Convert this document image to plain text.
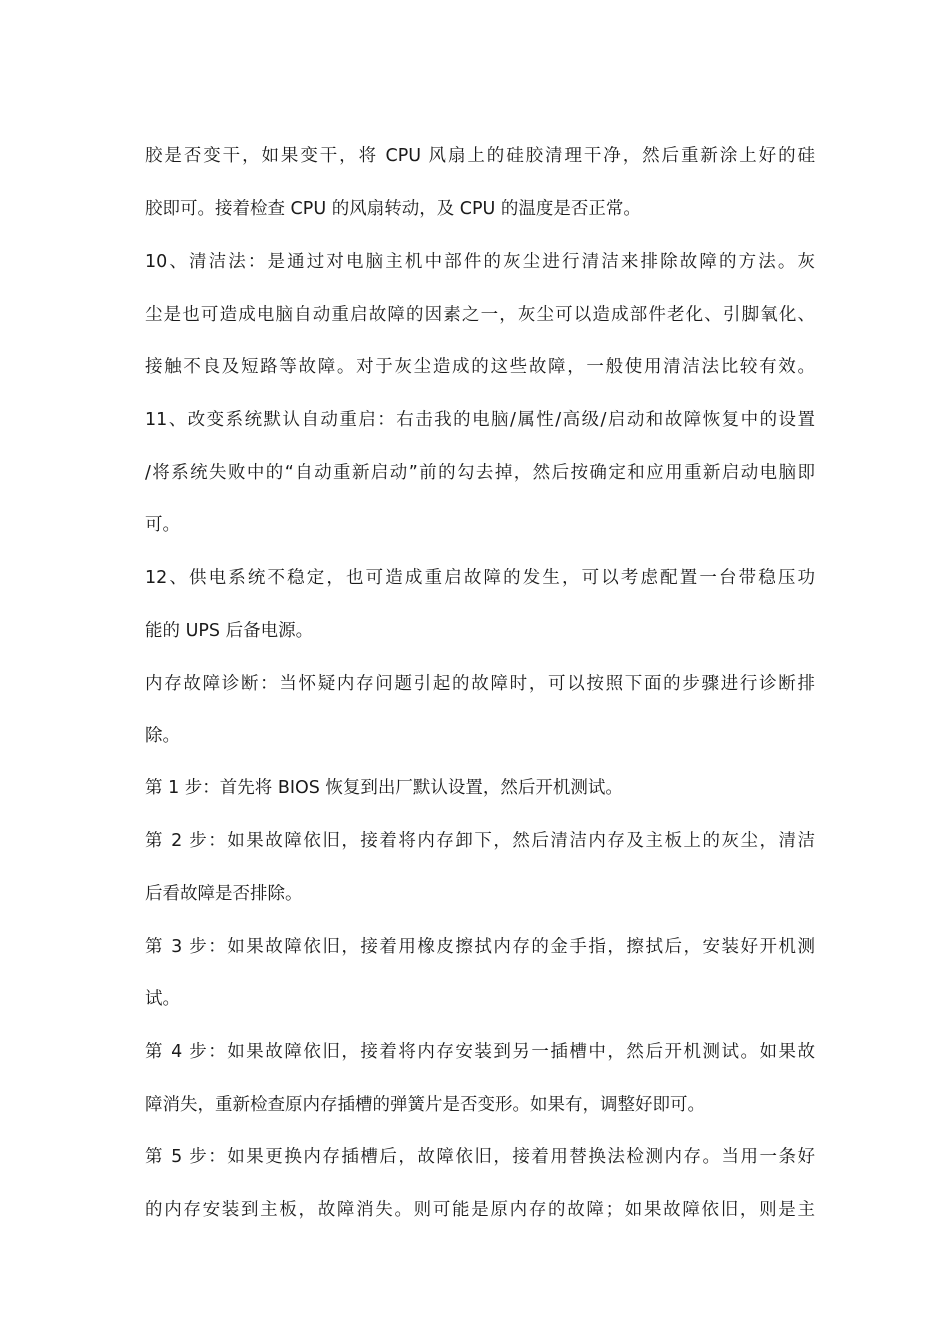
胶是否变干，如果变干，将 CPU 风扇上的硅胶清理干净，然后重新涂上好的硅
胶即可。接着检查 CPU 的风扇转动，及 CPU 的温度是否正常。
10、清洁法：是通过对电脑主机中部件的灰尘进行清洁来排除故障的方法。灰
尘是也可造成电脑自动重启故障的因素之一，灰尘可以造成部件老化、引脚氧化、
接触不良及短路等故障。对于灰尘造成的这些故障，一般使用清洁法比较有效。
11、改变系统默认自动重启：右击我的电脑/属性/高级/启动和故障恢复中的设置
/将系统失败中的“自动重新启动”前的勾去掉，然后按确定和应用重新启动电脑即
可。
12、供电系统不稳定，也可造成重启故障的发生，可以考虑配置一台带稳压功
能的 UPS 后备电源。
内存故障诊断：当怀疑内存问题引起的故障时，可以按照下面的步骤进行诊断排
除。
第 1 步：首先将 BIOS 恢复到出厂默认设置，然后开机测试。
第 2 步：如果故障依旧，接着将内存卸下，然后清洁内存及主板上的灰尘，清洁
后看故障是否排除。
第 3 步：如果故障依旧，接着用橡皮擦拭内存的金手指，擦拭后，安装好开机测
试。
第 4 步：如果故障依旧，接着将内存安装到另一插槽中，然后开机测试。如果故
障消失，重新检查原内存插槽的弹簧片是否变形。如果有，调整好即可。
第 5 步：如果更换内存插槽后，故障依旧，接着用替换法检测内存。当用一条好
的内存安装到主板，故障消失。则可能是原内存的故障；如果故障依旧，则是主
